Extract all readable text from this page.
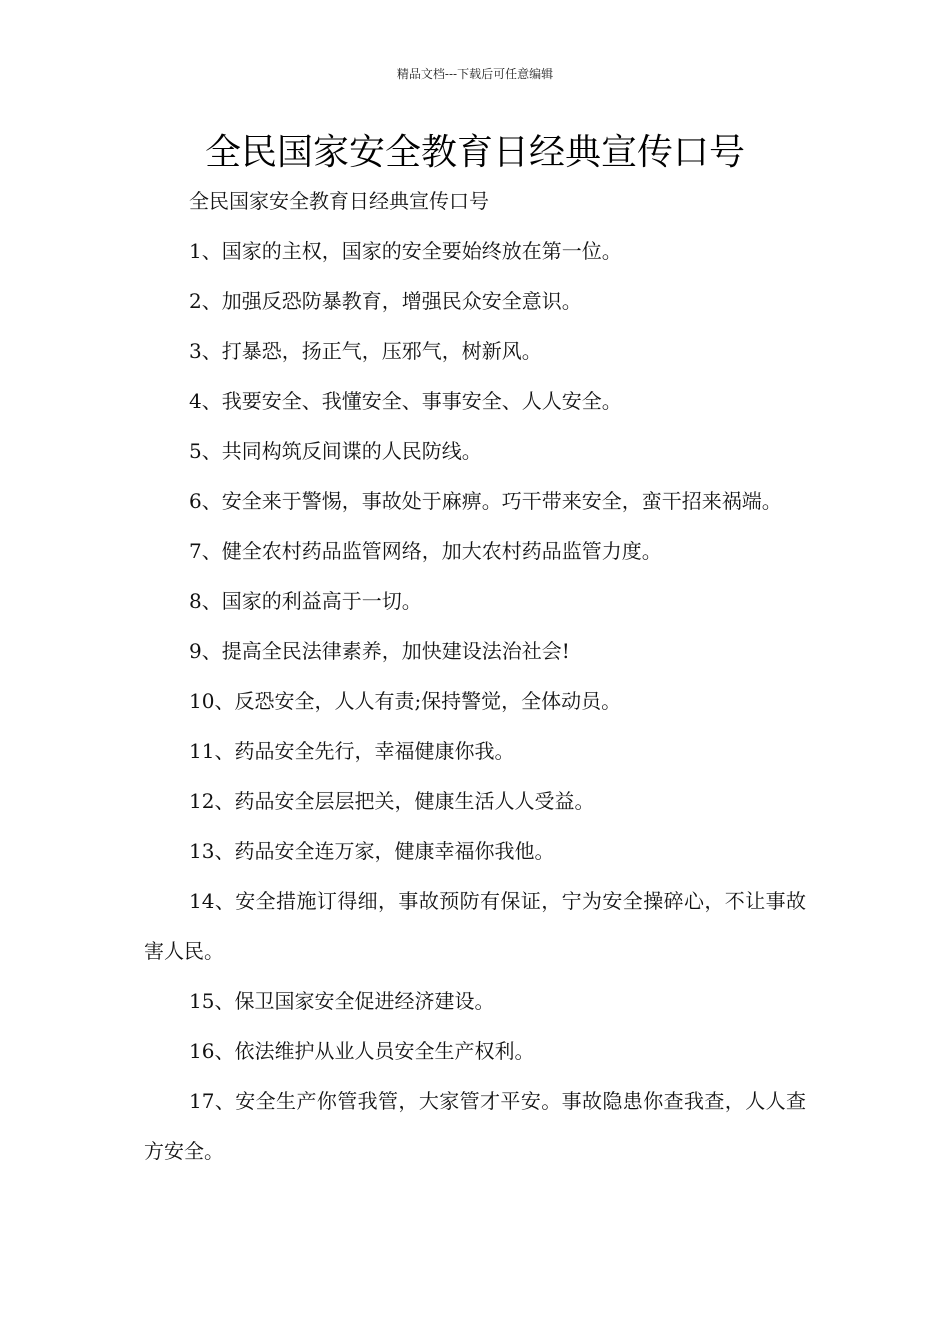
精品文档---下载后可任意编辑
全民国家安全教育日经典宣传口号

全民国家安全教育日经典宣传口号

1、国家的主权，国家的安全要始终放在第一位。

2、加强反恐防暴教育，增强民众安全意识。

3、打暴恐，扬正气，压邪气，树新风。

4、我要安全、我懂安全、事事安全、人人安全。

5、共同构筑反间谍的人民防线。

6、安全来于警惕，事故处于麻痹。巧干带来安全，蛮干招来祸端。

7、健全农村药品监管网络，加大农村药品监管力度。

8、国家的利益高于一切。

9、提高全民法律素养，加快建设法治社会!

10、反恐安全，人人有责;保持警觉，全体动员。

11、药品安全先行，幸福健康你我。

12、药品安全层层把关，健康生活人人受益。

13、药品安全连万家，健康幸福你我他。

14、安全措施订得细，事故预防有保证，宁为安全操碎心，不让事故害人民。

15、保卫国家安全促进经济建设。

16、依法维护从业人员安全生产权利。

17、安全生产你管我管，大家管才平安。事故隐患你查我查，人人查方安全。
